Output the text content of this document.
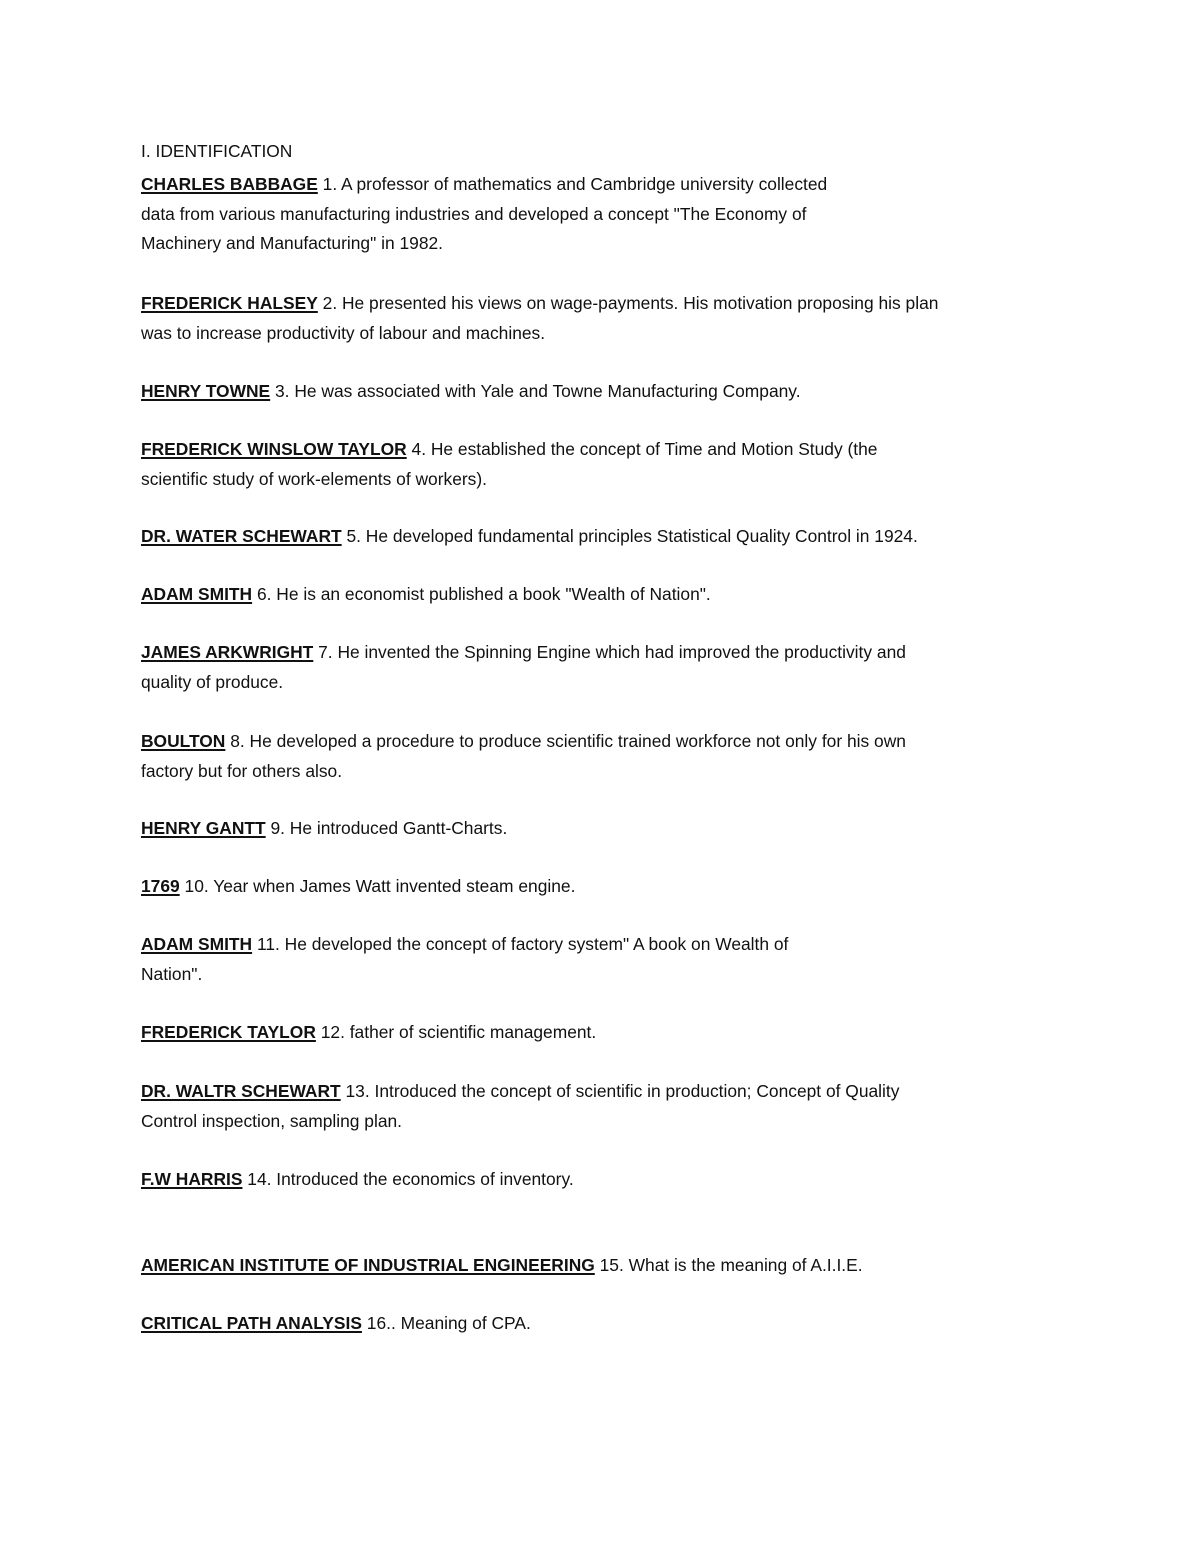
I. IDENTIFICATION
CHARLES BABBAGE 1. A professor of mathematics and Cambridge university collected
data from various manufacturing industries and developed a concept "The Economy of
Machinery and Manufacturing" in 1982.
FREDERICK HALSEY 2. He presented his views on wage-payments. His motivation proposing his plan
was to increase productivity of labour and machines.
HENRY TOWNE 3. He was associated with Yale and Towne Manufacturing Company.
FREDERICK WINSLOW TAYLOR 4. He established the concept of Time and Motion Study (the
scientific study of work-elements of workers).
DR. WATER SCHEWART 5. He developed fundamental principles Statistical Quality Control in 1924.
ADAM SMITH 6. He is an economist published a book "Wealth of Nation".
JAMES ARKWRIGHT 7. He invented the Spinning Engine which had improved the productivity and
quality of produce.
BOULTON 8. He developed a procedure to produce scientific trained workforce not only for his own
factory but for others also.
HENRY GANTT 9. He introduced Gantt-Charts.
1769 10. Year when James Watt invented steam engine.
ADAM SMITH 11. He developed the concept of factory system" A book on Wealth of
Nation".
FREDERICK TAYLOR 12. father of scientific management.
DR. WALTR SCHEWART 13. Introduced the concept of scientific in production; Concept of Quality
Control inspection, sampling plan.
F.W HARRIS 14. Introduced the economics of inventory.
AMERICAN INSTITUTE OF INDUSTRIAL ENGINEERING 15. What is the meaning of A.I.I.E.
CRITICAL PATH ANALYSIS 16.. Meaning of CPA.
